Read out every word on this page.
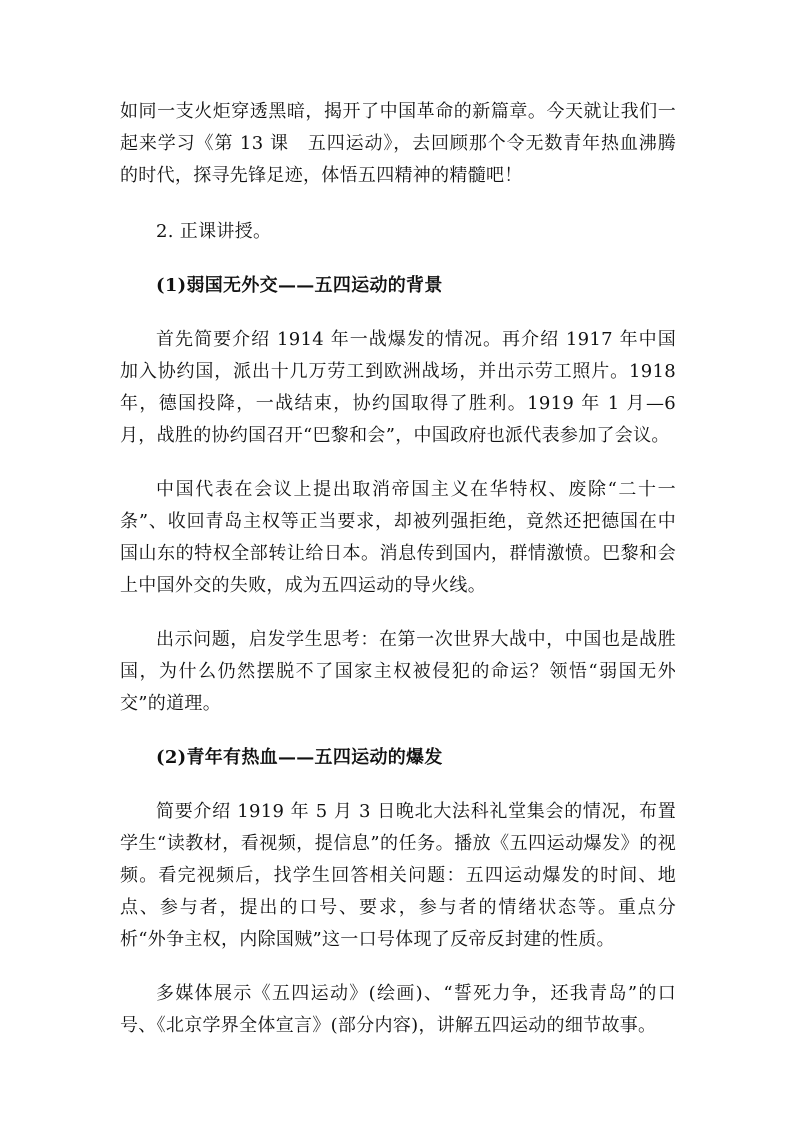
如同一支火炬穿透黑暗，揭开了中国革命的新篇章。今天就让我们一起来学习《第 13 课　五四运动》，去回顾那个令无数青年热血沸腾的时代，探寻先锋足迹，体悟五四精神的精髓吧！

2. 正课讲授。

(1)弱国无外交——五四运动的背景

首先简要介绍 1914 年一战爆发的情况。再介绍 1917 年中国加入协约国，派出十几万劳工到欧洲战场，并出示劳工照片。1918 年，德国投降，一战结束，协约国取得了胜利。1919 年 1 月—6 月，战胜的协约国召开“巴黎和会”，中国政府也派代表参加了会议。

中国代表在会议上提出取消帝国主义在华特权、废除“二十一条”、收回青岛主权等正当要求，却被列强拒绝，竟然还把德国在中国山东的特权全部转让给日本。消息传到国内，群情激愤。巴黎和会上中国外交的失败，成为五四运动的导火线。

出示问题，启发学生思考：在第一次世界大战中，中国也是战胜国，为什么仍然摆脱不了国家主权被侵犯的命运？领悟“弱国无外交”的道理。

(2)青年有热血——五四运动的爆发

简要介绍 1919 年 5 月 3 日晚北大法科礼堂集会的情况，布置学生“读教材，看视频，提信息”的任务。播放《五四运动爆发》的视频。看完视频后，找学生回答相关问题：五四运动爆发的时间、地点、参与者，提出的口号、要求，参与者的情绪状态等。重点分析“外争主权，内除国贼”这一口号体现了反帝反封建的性质。

多媒体展示《五四运动》(绘画)、“誓死力争，还我青岛”的口号、《北京学界全体宣言》(部分内容)，讲解五四运动的细节故事。
